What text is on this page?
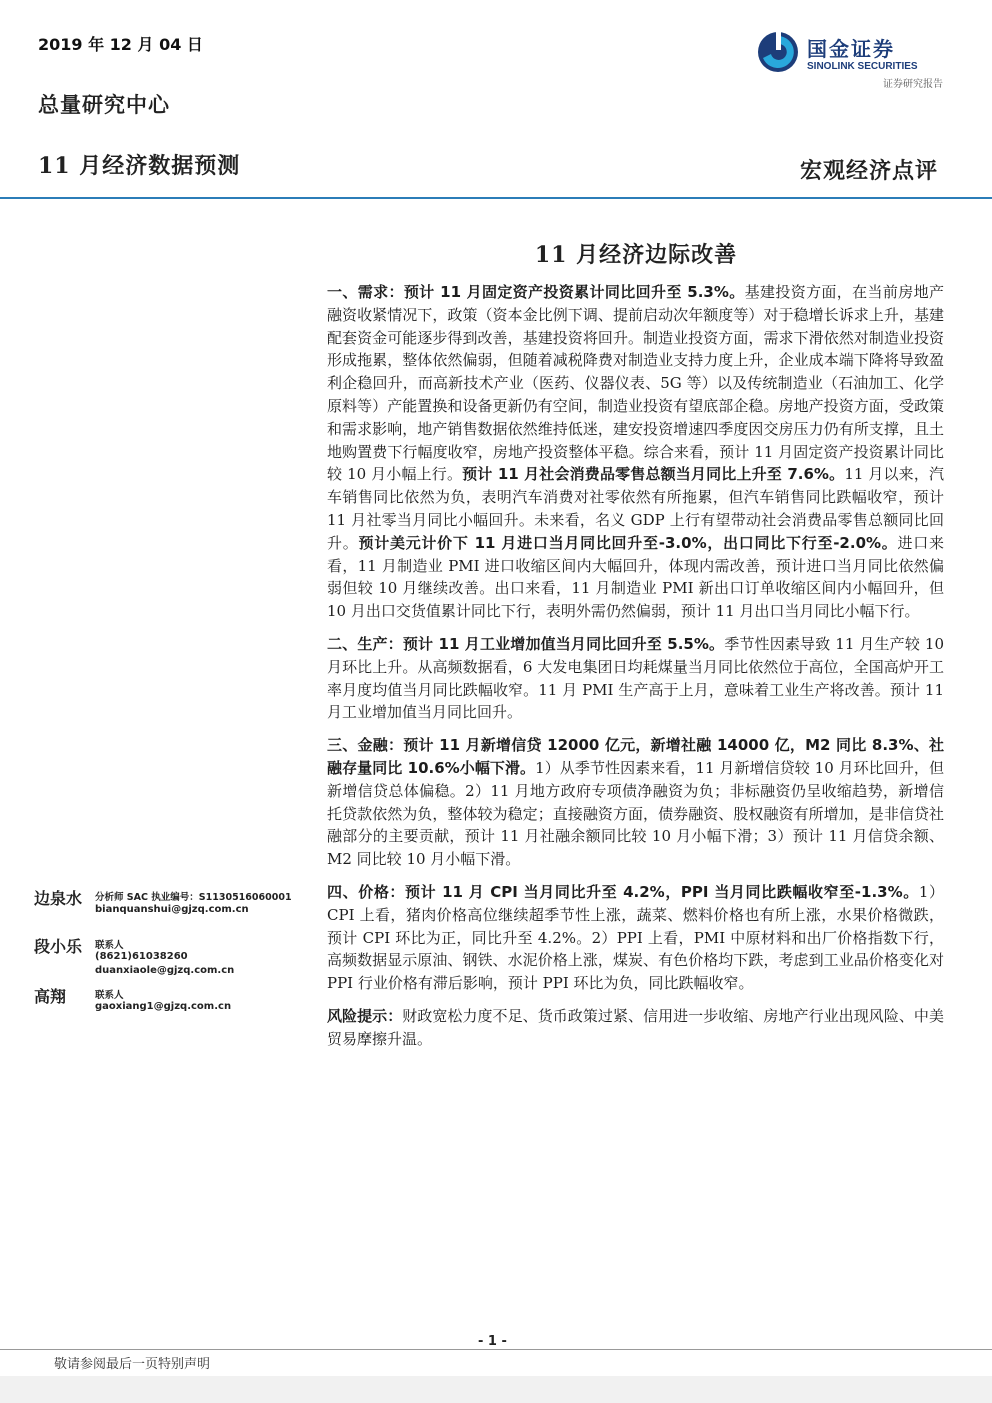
2019 年 12 月 04 日
总量研究中心
11 月经济数据预测	宏观经济点评
国金证券
SINOLINK SECURITIES
证券研究报告
11 月经济边际改善

一、需求：预计 11 月固定资产投资累计同比回升至 5.3%。基建投资方面，在当前房地产融资收紧情况下，政策（资本金比例下调、提前启动次年额度等）对于稳增长诉求上升，基建配套资金可能逐步得到改善，基建投资将回升。制造业投资方面，需求下滑依然对制造业投资形成拖累，整体依然偏弱，但随着减税降费对制造业支持力度上升，企业成本端下降将导致盈利企稳回升，而高新技术产业（医药、仪器仪表、5G 等）以及传统制造业（石油加工、化学原料等）产能置换和设备更新仍有空间，制造业投资有望底部企稳。房地产投资方面，受政策和需求影响，地产销售数据依然维持低迷，建安投资增速四季度因交房压力仍有所支撑，且土地购置费下行幅度收窄，房地产投资整体平稳。综合来看，预计 11 月固定资产投资累计同比较 10 月小幅上行。预计 11 月社会消费品零售总额当月同比上升至 7.6%。11 月以来，汽车销售同比依然为负，表明汽车消费对社零依然有所拖累，但汽车销售同比跌幅收窄，预计 11 月社零当月同比小幅回升。未来看，名义 GDP 上行有望带动社会消费品零售总额同比回升。预计美元计价下 11 月进口当月同比回升至-3.0%，出口同比下行至-2.0%。进口来看，11 月制造业 PMI 进口收缩区间内大幅回升，体现内需改善，预计进口当月同比依然偏弱但较 10 月继续改善。出口来看，11 月制造业 PMI 新出口订单收缩区间内小幅回升，但 10 月出口交货值累计同比下行，表明外需仍然偏弱，预计 11 月出口当月同比小幅下行。

二、生产：预计 11 月工业增加值当月同比回升至 5.5%。季节性因素导致 11 月生产较 10 月环比上升。从高频数据看，6 大发电集团日均耗煤量当月同比依然位于高位，全国高炉开工率月度均值当月同比跌幅收窄。11 月 PMI 生产高于上月，意味着工业生产将改善。预计 11 月工业增加值当月同比回升。

三、金融：预计 11 月新增信贷 12000 亿元，新增社融 14000 亿，M2 同比 8.3%、社融存量同比 10.6%小幅下滑。1）从季节性因素来看，11 月新增信贷较 10 月环比回升，但新增信贷总体偏稳。2）11 月地方政府专项债净融资为负；非标融资仍呈收缩趋势，新增信托贷款依然为负，整体较为稳定；直接融资方面，债券融资、股权融资有所增加，是非信贷社融部分的主要贡献，预计 11 月社融余额同比较 10 月小幅下滑；3）预计 11 月信贷余额、M2 同比较 10 月小幅下滑。

四、价格：预计 11 月 CPI 当月同比升至 4.2%，PPI 当月同比跌幅收窄至-1.3%。1）CPI 上看，猪肉价格高位继续超季节性上涨，蔬菜、燃料价格也有所上涨，水果价格微跌，预计 CPI 环比为正，同比升至 4.2%。2）PPI 上看，PMI 中原材料和出厂价格指数下行，高频数据显示原油、钢铁、水泥价格上涨，煤炭、有色价格均下跌，考虑到工业品价格变化对 PPI 行业价格有滞后影响，预计 PPI 环比为负，同比跌幅收窄。

风险提示：财政宽松力度不足、货币政策过紧、信用进一步收缩、房地产行业出现风险、中美贸易摩擦升温。

边泉水 分析师 SAC 执业编号：S1130516060001
bianquanshui@gjzq.com.cn
段小乐 联系人
(8621)61038260
duanxiaole@gjzq.com.cn
高翔	联系人
gaoxiang1@gjzq.com.cn
- 1 -
敬请参阅最后一页特别声明
